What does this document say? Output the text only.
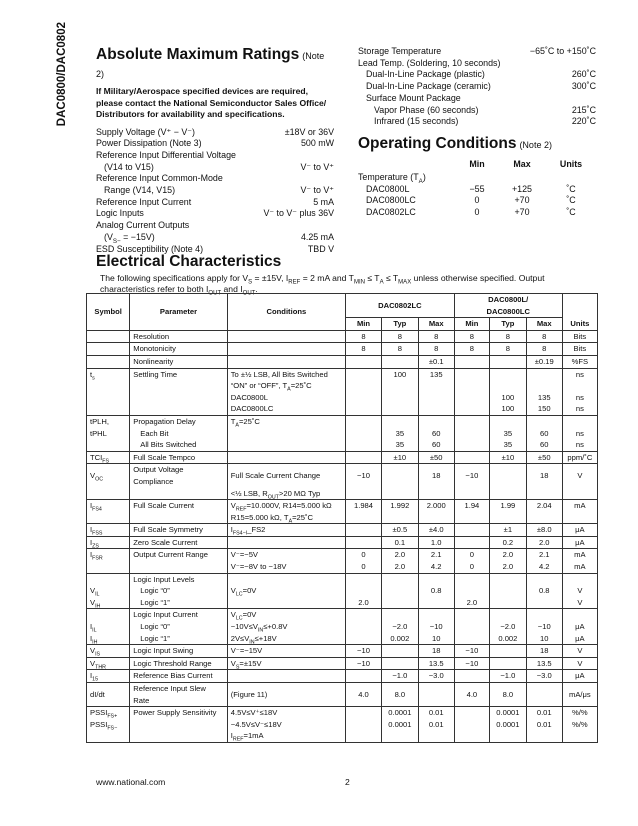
DAC0800/DAC0802 Absolute Maximum Ratings (Note 2)
If Military/Aerospace specified devices are required, please contact the National Semiconductor Sales Office/ Distributors for availability and specifications.
Supply Voltage (V⁺ − V⁻)	±18V or 36V
Power Dissipation (Note 3)	500 mW
Reference Input Differential Voltage
(V14 to V15)	V⁻ to V⁺
Reference Input Common-Mode
Range (V14, V15)	V⁻ to V⁺
Reference Input Current	5 mA
Logic Inputs	V⁻ to V⁻ plus 36V
Analog Current Outputs
$(V_{S-} = -15V)$	4.25 mA
ESD Susceptibility (Note 4)	TBD V
Storage Temperature	−65˚C to +150˚C
Lead Temp. (Soldering, 10 seconds)
Dual-In-Line Package (plastic)	260˚C
Dual-In-Line Package (ceramic)	300˚C
Surface Mount Package
Vapor Phase (60 seconds)	215˚C
Infrared (15 seconds)	220˚C
Operating Conditions (Note 2)
Min	Max	Units
Temperature $(T_A)$
DAC0800L	−55	+125	˚C
DAC0800LC	0	+70	˚C
DAC0802LC	0	+70	˚C
Electrical Characteristics
The following specifications apply for $V_S = \pm 15V$, $I_{REF} = 2$ mA and $T_{MIN} \le T_A \le T_{MAX}$ unless otherwise specified. Output characteristics refer to both $I_{OUT}$ and $I_{OUT}$.
Symbol	Parameter	Conditions	DAC0802LC			DAC0800L/
DAC0800LC			Units
			Min	Typ	Max	Min	Typ	Max	
	Resolution		8	8	8	8	8	8	Bits
	Monotonicity		8	8	8	8	8	8	Bits
	Nonlinearity				±0.1			±0.19	%FS
$t_s$	Settling Time	To ±½ LSB, All Bits Switched		100	135				ns
		“ON” or “OFF”, $T_A=25˚C$							
		DAC0800L					100	135	ns
		DAC0800LC					100	150	ns
tPLH,	Propagation Delay	$T_A=25˚C$							
tPHL	Each Bit			35	60		35	60	ns
	All Bits Switched			35	60		35	60	ns
$TCI_{FS}$	Full Scale Tempco			±10	±50		±10	±50	ppm/˚C
$V_{OC}$	Output Voltage Compliance	Full Scale Current Change	−10		18	−10		18	V
		<½ LSB, $R_{OUT}>20$ MΩ Typ							
$I_{FS4}$	Full Scale Current	$V_{REF}=10.000V$, R14=5.000 kΩ	1.984	1.992	2.000	1.94	1.99	2.04	mA
		R15=5.000 kΩ, $T_A=25˚C$							
$I_{FSS}$	Full Scale Symmetry	$I_{FS4-I}\_FS2$		±0.5	±4.0		±1	±8.0	μA
$I_{ZS}$	Zero Scale Current			0.1	1.0		0.2	2.0	μA
$I_{FSR}$	Output Current Range	V⁻=−5V	0	2.0	2.1	0	2.0	2.1	mA
		V⁻=−8V to −18V	0	2.0	4.2	0	2.0	4.2	mA
	Logic Input Levels								
$V_{IL}$	Logic “0”	$V_{LC}=0V$			0.8			0.8	V
$V_{IH}$	Logic “1”		2.0			2.0			V
	Logic Input Current	$V_{LC}=0V$							
$I_{IL}$	Logic “0”	$-10V\le V_{IN}\le+0.8V$		−2.0	−10		−2.0	−10	μA
$I_{IH}$	Logic “1”	$2V\le V_{IN}\le+18V$		0.002	10		0.002	10	μA
$V_{IS}$	Logic Input Swing	V⁻=−15V	−10		18	−10		18	V
$V_{THR}$	Logic Threshold Range	$V_S=\pm 15V$	−10		13.5	−10		13.5	V
$I_{15}$	Reference Bias Current			−1.0	−3.0		−1.0	−3.0	μA
dI/dt	Reference Input Slew Rate	(Figure 11)	4.0	8.0		4.0	8.0		mA/μs
$PSSI_{FS+}$	Power Supply Sensitivity	4.5V≤V⁺≤18V		0.0001	0.01		0.0001	0.01	%/%
$PSSI_{FS-}$		−4.5V≤V⁻≤18V		0.0001	0.01		0.0001	0.01	%/%
		$I_{REF}=1mA$							
www.national.com	2
